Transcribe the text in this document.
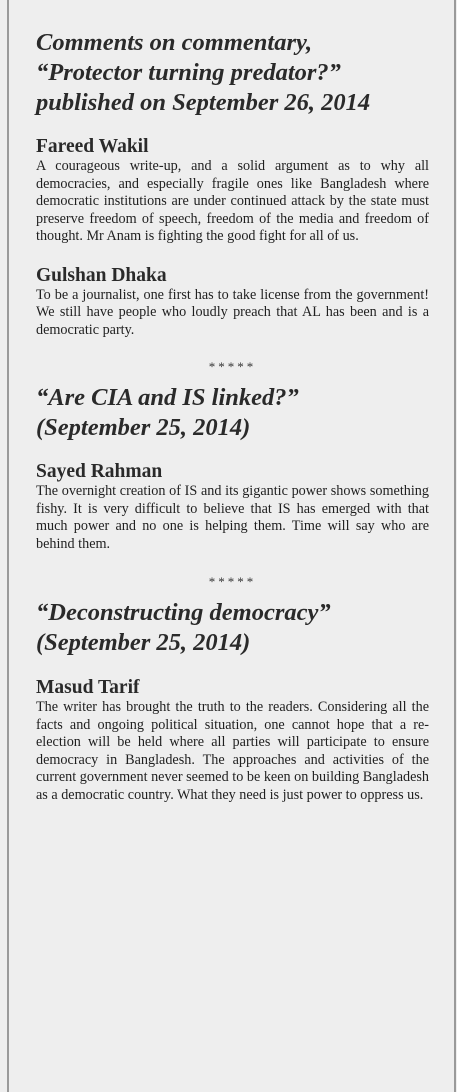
Comments on commentary,
“Protector turning predator?”
published on September 26, 2014

Fareed Wakil

A courageous write-up, and a solid argument as to why all democracies, and especially fragile ones like Bangladesh where democratic institutions are under continued attack by the state must preserve freedom of speech, freedom of the media and freedom of thought. Mr Anam is fighting the good fight for all of us.

Gulshan Dhaka

To be a journalist, one first has to take license from the government! We still have people who loudly preach that AL has been and is a democratic party.

*****

“Are CIA and IS linked?”
(September 25, 2014)

Sayed Rahman

The overnight creation of IS and its gigantic power shows something fishy. It is very difficult to believe that IS has emerged with that much power and no one is helping them. Time will say who are behind them.

*****

“Deconstructing democracy”
(September 25, 2014)

Masud Tarif

The writer has brought the truth to the readers. Considering all the facts and ongoing political situation, one cannot hope that a re-election will be held where all parties will participate to ensure democracy in Bangladesh. The approaches and activities of the current government never seemed to be keen on building Bangladesh as a democratic country. What they need is just power to oppress us.
